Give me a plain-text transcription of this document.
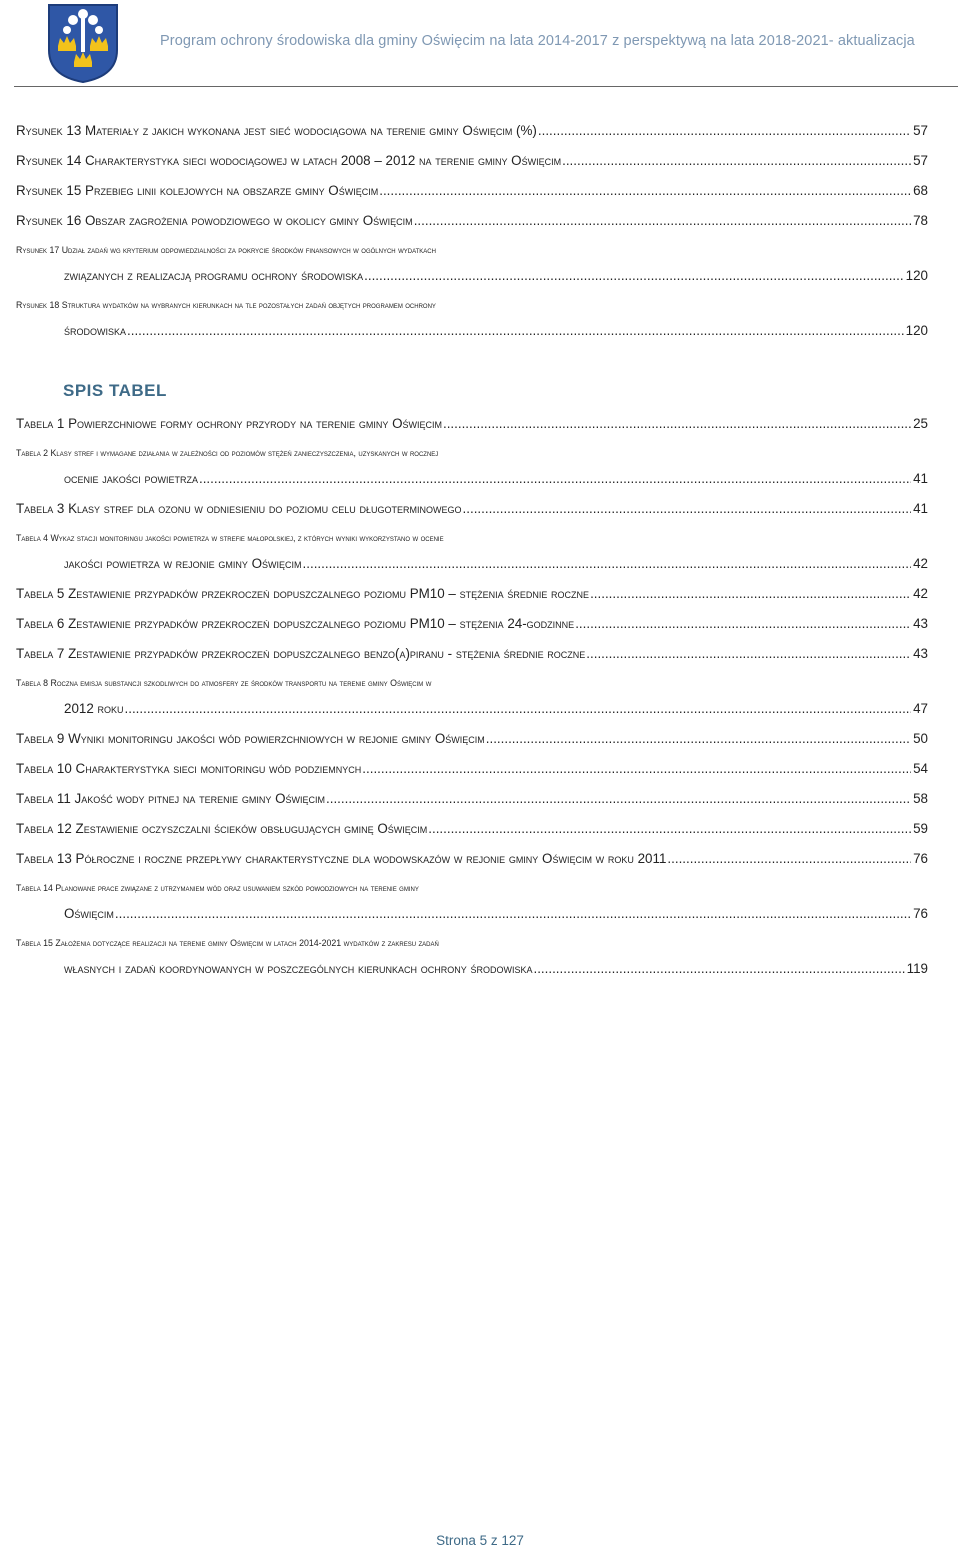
Program ochrony środowiska dla gminy Oświęcim na lata 2014-2017 z perspektywą na lata 2018-2021- aktualizacja
Rysunek 13 Materiały z jakich wykonana jest sieć wodociągowa na terenie gminy Oświęcim (%) .....	57
Rysunek 14 Charakterystyka sieci wodociągowej w latach 2008 – 2012 na terenie gminy Oświęcim .....	57
Rysunek 15 Przebieg linii kolejowych na obszarze gminy Oświęcim .....	68
Rysunek 16 Obszar zagrożenia powodziowego w okolicy gminy Oświęcim .....	78
Rysunek 17 Udział zadań wg kryterium odpowiedzialności za pokrycie środków finansowych w ogólnych wydatkach
związanych z realizacją programu ochrony środowiska .....	120
Rysunek 18 Struktura wydatków na wybranych kierunkach na tle pozostałych zadań objętych programem ochrony
środowiska .....	120
SPIS TABEL
Tabela 1 Powierzchniowe formy ochrony przyrody na terenie gminy Oświęcim .....	25
Tabela 2 Klasy stref i wymagane działania w zależności od poziomów stężeń zanieczyszczenia, uzyskanych w rocznej
ocenie jakości powietrza .....	41
Tabela 3 Klasy stref dla ozonu w odniesieniu do poziomu celu długoterminowego .....	41
Tabela 4 Wykaz stacji monitoringu jakości powietrza w strefie małopolskiej, z których wyniki wykorzystano w ocenie
jakości powietrza w rejonie gminy Oświęcim .....	42
Tabela 5 Zestawienie przypadków przekroczeń dopuszczalnego poziomu PM10 – stężenia średnie roczne .....	42
Tabela 6 Zestawienie przypadków przekroczeń dopuszczalnego poziomu PM10 – stężenia 24-godzinne .....	43
Tabela 7 Zestawienie przypadków przekroczeń dopuszczalnego benzo(a)piranu - stężenia średnie roczne .....	43
Tabela 8 Roczna emisja substancji szkodliwych do atmosfery ze środków transportu na terenie gminy Oświęcim w
2012 roku .....	47
Tabela 9 Wyniki monitoringu jakości wód powierzchniowych w rejonie gminy Oświęcim .....	50
Tabela 10 Charakterystyka sieci monitoringu wód podziemnych .....	54
Tabela 11 Jakość wody pitnej na terenie gminy Oświęcim .....	58
Tabela 12 Zestawienie oczyszczalni ścieków obsługujących gminę Oświęcim .....	59
Tabela 13 Półroczne i roczne przepływy charakterystyczne dla wodowskazów w rejonie gminy Oświęcim w roku 2011 .....	76
Tabela 14 Planowane prace związane z utrzymaniem wód oraz usuwaniem szkód powodziowych na terenie gminy
Oświęcim .....	76
Tabela 15 Założenia dotyczące realizacji na terenie gminy Oświęcim w latach 2014-2021 wydatków z zakresu zadań
własnych i zadań koordynowanych w poszczególnych kierunkach ochrony środowiska .....	119
Strona 5 z 127
